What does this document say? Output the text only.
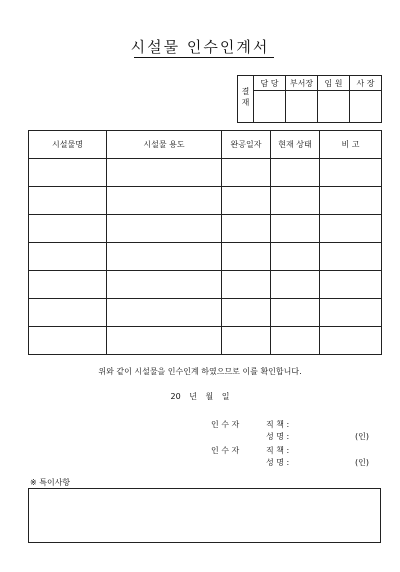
시설물 인수인계서
결재	담 당	부서장	임 원	사 장

시설물명	시설물 용도	완공일자	현재 상태	비 고

위와 같이 시설물을 인수인계 하였으므로 이를 확인합니다.
20 년 월 일
인 수 자	직 책 :
성 명 :	(인)
인 수 자	직 책 :
성 명 :	(인)
※ 특이사항
